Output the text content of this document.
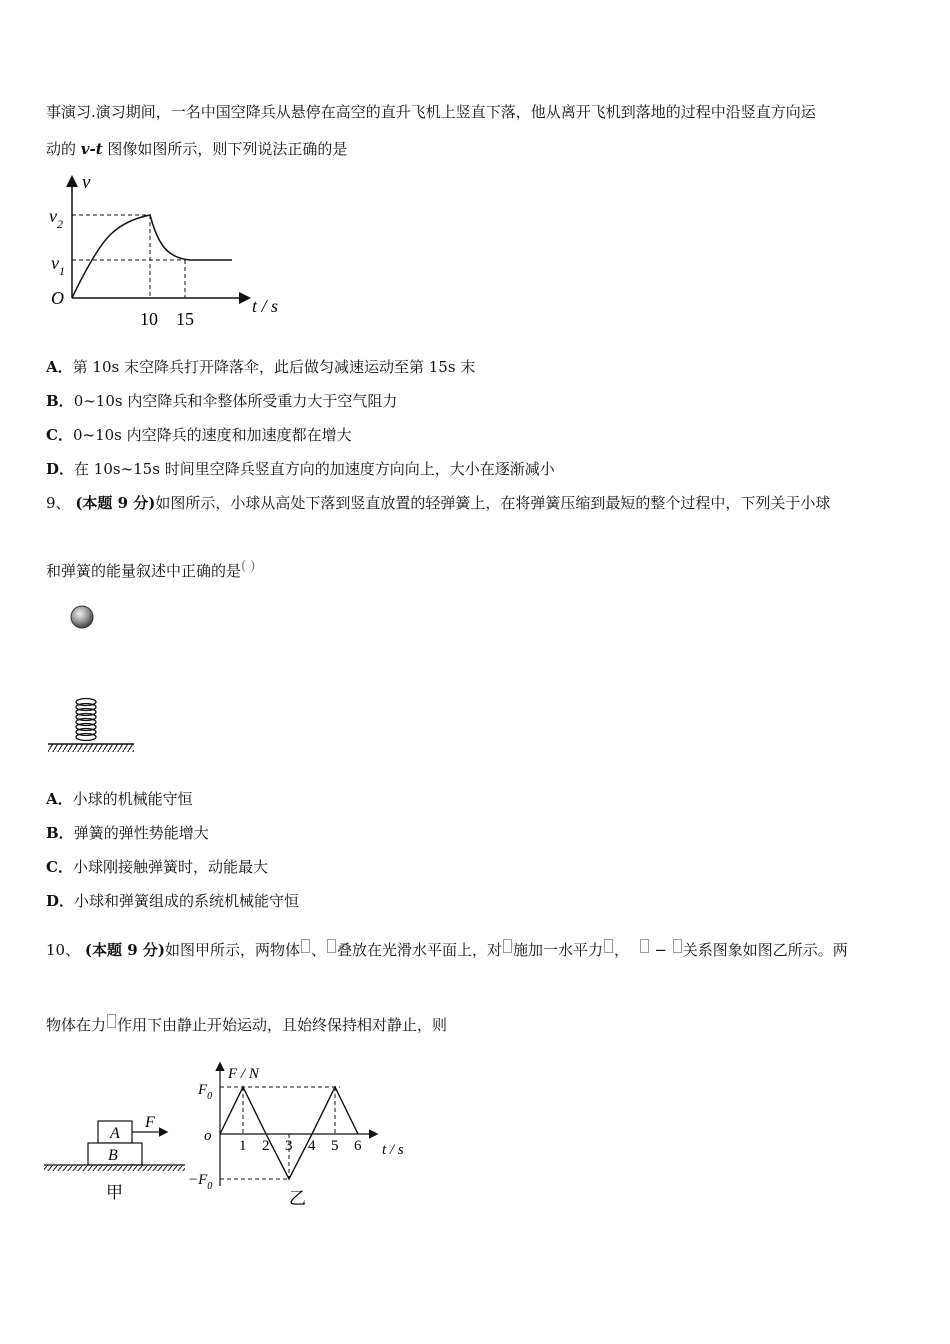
事演习.演习期间，一名中国空降兵从悬停在高空的直升飞机上竖直下落，他从离开飞机到落地的过程中沿竖直方向运
动的 v-t 图像如图所示，则下列说法正确的是
v
t / s
O
$v_2$
$v_1$
10 15
A．第 10s 末空降兵打开降落伞，此后做匀减速运动至第 15s 末
B．0~10s 内空降兵和伞整体所受重力大于空气阻力
C．0~10s 内空降兵的速度和加速度都在增大
D．在 10s~15s 时间里空降兵竖直方向的加速度方向向上，大小在逐渐减小
9、 (本题 9 分)如图所示，小球从高处下落到竖直放置的轻弹簧上，在将弹簧压缩到最短的整个过程中，下列关于小球
和弹簧的能量叙述中正确的是( )
A．小球的机械能守恒
B．弹簧的弹性势能增大
C．小球刚接触弹簧时，动能最大
D．小球和弹簧组成的系统机械能守恒
10、 (本题 9 分)如图甲所示，两物体 、 叠放在光滑水平面上，对 施加一水平力 ， − 关系图象如图乙所示。两
物体在力 作用下由静止开始运动，且始终保持相对静止，则
A
B
F
甲
F / N
t / s
$F_0$
$-F_0$
o
1 2 3 4 5 6
乙
